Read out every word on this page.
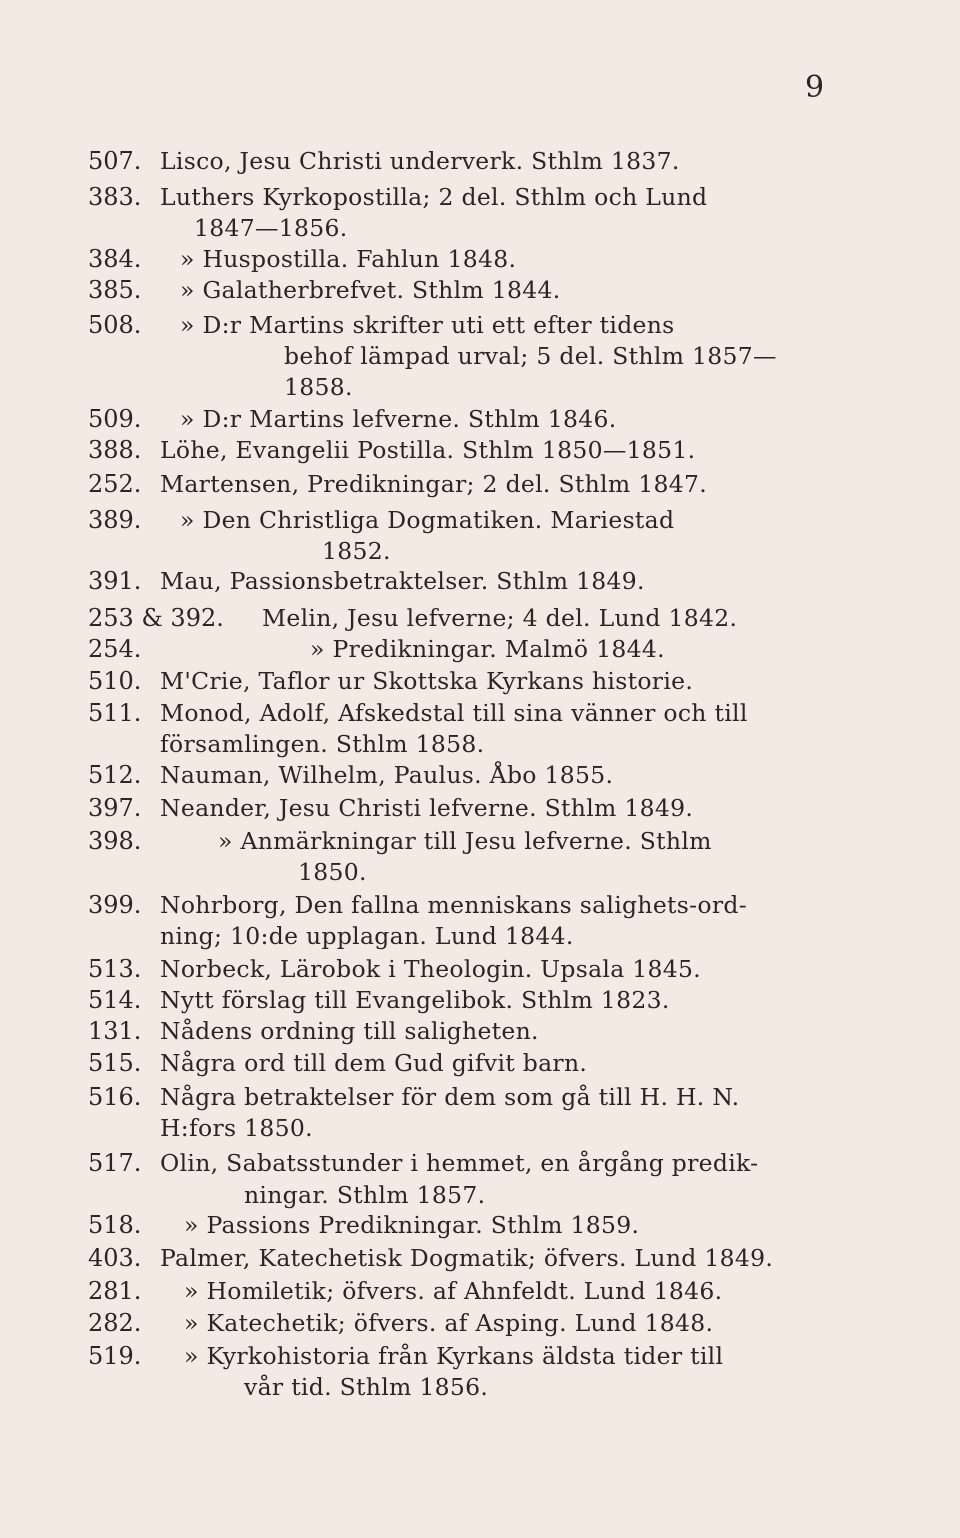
9
507. Lisco, Jesu Christi underverk. Sthlm 1837.
383. Luthers Kyrkopostilla; 2 del. Sthlm och Lund
1847—1856.
384. » Huspostilla. Fahlun 1848.
385. » Galatherbrefvet. Sthlm 1844.
508. » D:r Martins skrifter uti ett efter tidens
behof lämpad urval; 5 del. Sthlm 1857—
1858.
509. » D:r Martins lefverne. Sthlm 1846.
388. Löhe, Evangelii Postilla. Sthlm 1850—1851.
252. Martensen, Predikningar; 2 del. Sthlm 1847.
389. » Den Christliga Dogmatiken. Mariestad
1852.
391. Mau, Passionsbetraktelser. Sthlm 1849.
253 & 392. Melin, Jesu lefverne; 4 del. Lund 1842.
254.	» Predikningar. Malmö 1844.
510. M'Crie, Taflor ur Skottska Kyrkans historie.
511. Monod, Adolf, Afskedstal till sina vänner och till
församlingen. Sthlm 1858.
512. Nauman, Wilhelm, Paulus. Åbo 1855.
397. Neander, Jesu Christi lefverne. Sthlm 1849.
398.	» Anmärkningar till Jesu lefverne. Sthlm
1850.
399. Nohrborg, Den fallna menniskans salighets-ord-
ning; 10:de upplagan. Lund 1844.
513. Norbeck, Lärobok i Theologin. Upsala 1845.
514. Nytt förslag till Evangelibok. Sthlm 1823.
131. Nådens ordning till saligheten.
515. Några ord till dem Gud gifvit barn.
516. Några betraktelser för dem som gå till H. H. N.
H:fors 1850.
517. Olin, Sabatsstunder i hemmet, en årgång predik-
ningar. Sthlm 1857.
518. » Passions Predikningar. Sthlm 1859.
403. Palmer, Katechetisk Dogmatik; öfvers. Lund 1849.
281. » Homiletik; öfvers. af Ahnfeldt. Lund 1846.
282. » Katechetik; öfvers. af Asping. Lund 1848.
519. » Kyrkohistoria från Kyrkans äldsta tider till
vår tid. Sthlm 1856.
